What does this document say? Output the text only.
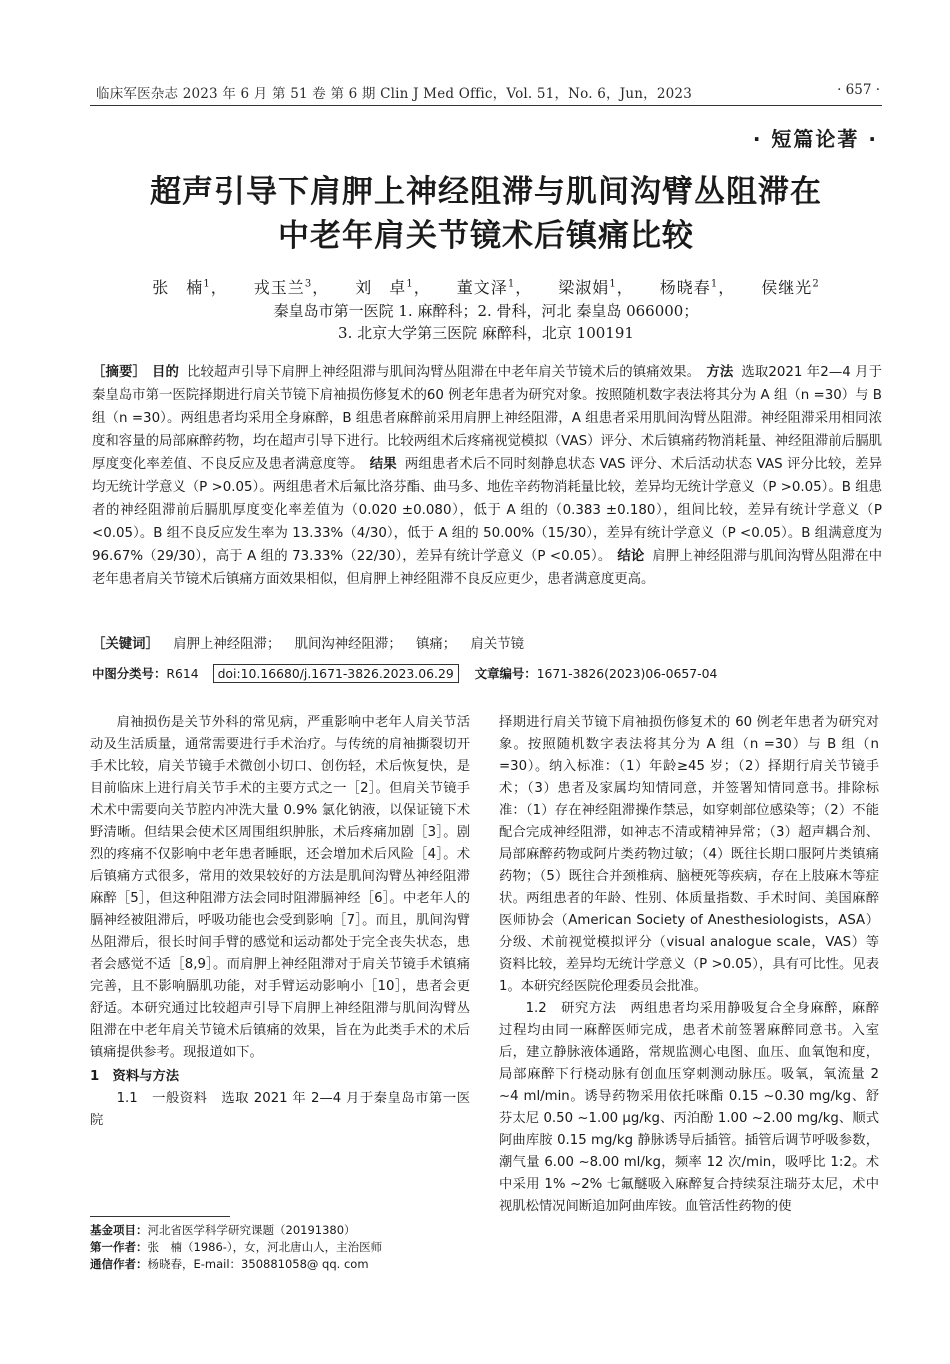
临床军医杂志 2023 年 6 月 第 51 卷 第 6 期 Clin J Med Offic，Vol. 51，No. 6，Jun，2023	· 657 ·
· 短篇论著 ·
超声引导下肩胛上神经阻滞与肌间沟臂丛阻滞在
中老年肩关节镜术后镇痛比较
张　楠$^1$， 戎玉兰$^3$， 刘　卓$^1$， 董文泽$^1$， 梁淑娟$^1$， 杨晓春$^1$， 侯继光$^2$
秦皇岛市第一医院 1. 麻醉科；2. 骨科，河北 秦皇岛 066000；
3. 北京大学第三医院 麻醉科，北京 100191
［摘要］ 目的 比较超声引导下肩胛上神经阻滞与肌间沟臂丛阻滞在中老年肩关节镜术后的镇痛效果。 方法 选取2021 年2—4 月于秦皇岛市第一医院择期进行肩关节镜下肩袖损伤修复术的60 例老年患者为研究对象。按照随机数字表法将其分为 A 组（n =30）与 B 组（n =30）。两组患者均采用全身麻醉，B 组患者麻醉前采用肩胛上神经阻滞，A 组患者采用肌间沟臂丛阻滞。神经阻滞采用相同浓度和容量的局部麻醉药物，均在超声引导下进行。比较两组术后疼痛视觉模拟（VAS）评分、术后镇痛药物消耗量、神经阻滞前后膈肌厚度变化率差值、不良反应及患者满意度等。 结果 两组患者术后不同时刻静息状态 VAS 评分、术后活动状态 VAS 评分比较，差异均无统计学意义（P >0.05）。两组患者术后氟比洛芬酯、曲马多、地佐辛药物消耗量比较，差异均无统计学意义（P >0.05）。B 组患者的神经阻滞前后膈肌厚度变化率差值为（0.020 ±0.080），低于 A 组的（0.383 ±0.180），组间比较，差异有统计学意义（P <0.05）。B 组不良反应发生率为 13.33%（4/30），低于 A 组的 50.00%（15/30），差异有统计学意义（P <0.05）。B 组满意度为 96.67%（29/30），高于 A 组的 73.33%（22/30），差异有统计学意义（P <0.05）。 结论 肩胛上神经阻滞与肌间沟臂丛阻滞在中老年患者肩关节镜术后镇痛方面效果相似，但肩胛上神经阻滞不良反应更少，患者满意度更高。
［关键词］ 肩胛上神经阻滞； 肌间沟神经阻滞； 镇痛； 肩关节镜
中图分类号：R614 doi:10.16680/j.1671-3826.2023.06.29 文章编号：1671-3826(2023)06-0657-04

肩袖损伤是关节外科的常见病，严重影响中老年人肩关节活动及生活质量，通常需要进行手术治疗。与传统的肩袖撕裂切开手术比较，肩关节镜手术微创小切口、创伤轻，术后恢复快，是目前临床上进行肩关节手术的主要方式之一［2］。但肩关节镜手术术中需要向关节腔内冲洗大量 0.9% 氯化钠液，以保证镜下术野清晰。但结果会使术区周围组织肿胀，术后疼痛加剧［3］。剧烈的疼痛不仅影响中老年患者睡眠，还会增加术后风险［4］。术后镇痛方式很多，常用的效果较好的方法是肌间沟臂丛神经阻滞麻醉［5］，但这种阻滞方法会同时阻滞膈神经［6］。中老年人的膈神经被阻滞后，呼吸功能也会受到影响［7］。而且，肌间沟臂丛阻滞后，很长时间手臂的感觉和运动都处于完全丧失状态，患者会感觉不适［8,9］。而肩胛上神经阻滞对于肩关节镜手术镇痛完善，且不影响膈肌功能，对手臂运动影响小［10］，患者会更舒适。本研究通过比较超声引导下肩胛上神经阻滞与肌间沟臂丛阻滞在中老年肩关节镜术后镇痛的效果，旨在为此类手术的术后镇痛提供参考。现报道如下。

1　资料与方法

1.1　一般资料　选取 2021 年 2—4 月于秦皇岛市第一医院

择期进行肩关节镜下肩袖损伤修复术的 60 例老年患者为研究对象。按照随机数字表法将其分为 A 组（n =30）与 B 组（n =30）。纳入标准：（1）年龄≥45 岁；（2）择期行肩关节镜手术；（3）患者及家属均知情同意，并签署知情同意书。排除标准：（1）存在神经阻滞操作禁忌，如穿刺部位感染等；（2）不能配合完成神经阻滞，如神志不清或精神异常；（3）超声耦合剂、局部麻醉药物或阿片类药物过敏；（4）既往长期口服阿片类镇痛药物；（5）既往合并颈椎病、脑梗死等疾病，存在上肢麻木等症状。两组患者的年龄、性别、体质量指数、手术时间、美国麻醉医师协会（American Society of Anesthesiologists，ASA）分级、术前视觉模拟评分（visual analogue scale，VAS）等资料比较，差异均无统计学意义（P >0.05），具有可比性。见表 1。本研究经医院伦理委员会批准。

1.2　研究方法　两组患者均采用静吸复合全身麻醉，麻醉过程均由同一麻醉医师完成，患者术前签署麻醉同意书。入室后，建立静脉液体通路，常规监测心电图、血压、血氧饱和度，局部麻醉下行桡动脉有创血压穿刺测动脉压。吸氧，氧流量 2 ~4 ml/min。诱导药物采用依托咪酯 0.15 ~0.30 mg/kg、舒芬太尼 0.50 ~1.00 μg/kg、丙泊酚 1.00 ~2.00 mg/kg、顺式阿曲库胺 0.15 mg/kg 静脉诱导后插管。插管后调节呼吸参数，潮气量 6.00 ~8.00 ml/kg，频率 12 次/min，吸呼比 1:2。术中采用 1% ~2% 七氟醚吸入麻醉复合持续泵注瑞芬太尼，术中视肌松情况间断追加阿曲库铵。血管活性药物的使

基金项目：河北省医学科学研究课题（20191380）
第一作者：张　楠（1986-），女，河北唐山人，主治医师
通信作者：杨晓春，E-mail：350881058@ qq. com
